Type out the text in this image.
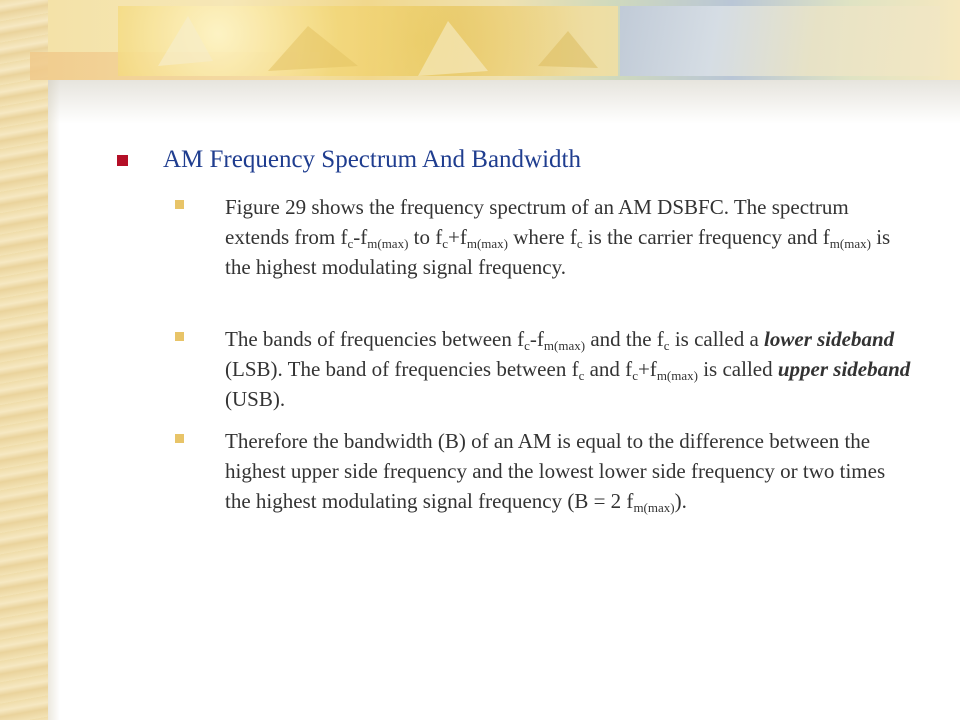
AM Frequency Spectrum And Bandwidth
Figure 29 shows the frequency spectrum of an AM DSBFC. The spectrum extends from $f_c-f_{m(max)}$ to $f_c+f_{m(max)}$ where $f_c$ is the carrier frequency and $f_{m(max)}$ is the highest modulating signal frequency.
The bands of frequencies between $f_c-f_{m(max)}$ and the $f_c$ is called a lower sideband (LSB). The band of frequencies between $f_c$ and $f_c+f_{m(max)}$ is called upper sideband (USB).
Therefore the bandwidth (B) of an AM is equal to the difference between the highest upper side frequency and the lowest lower side frequency or two times the highest modulating signal frequency (B = 2 $f_{m(max)}$).
